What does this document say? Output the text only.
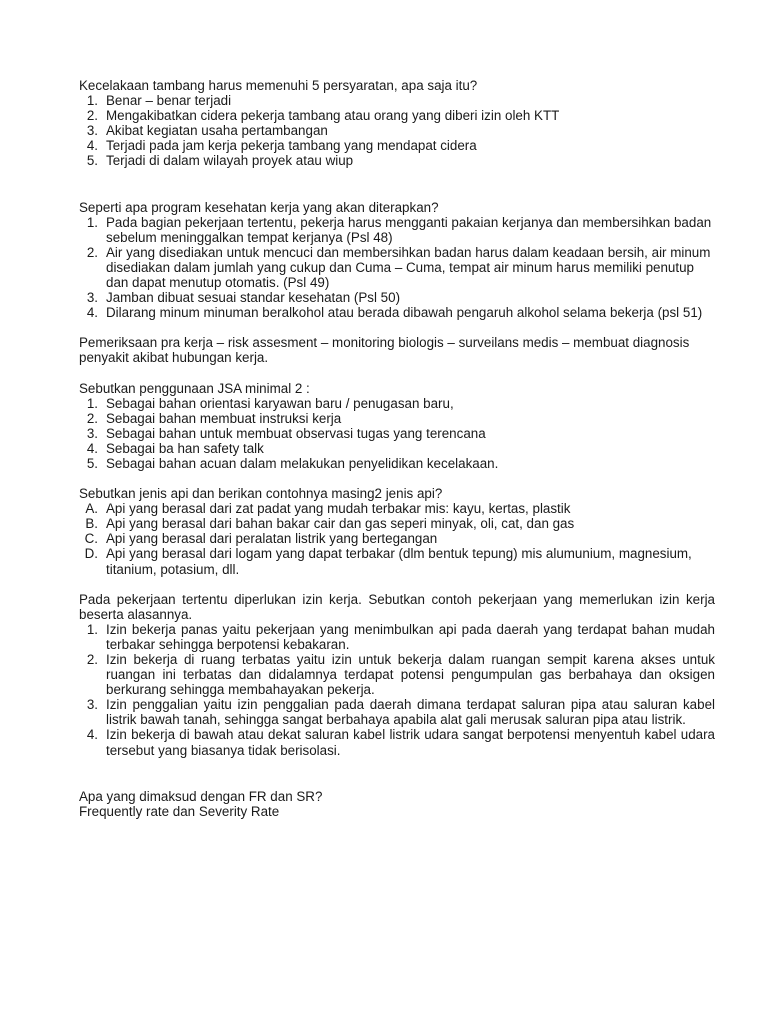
Kecelakaan tambang harus memenuhi 5 persyaratan, apa saja itu?

1. Benar – benar terjadi
2. Mengakibatkan cidera pekerja tambang atau orang yang diberi izin oleh KTT
3. Akibat kegiatan usaha pertambangan
4. Terjadi pada jam kerja pekerja tambang yang mendapat cidera
5. Terjadi di dalam wilayah proyek atau wiup

Seperti apa program kesehatan kerja yang akan diterapkan?

1. Pada bagian pekerjaan tertentu, pekerja harus mengganti pakaian kerjanya dan membersihkan badan sebelum meninggalkan tempat kerjanya (Psl 48)
2. Air yang disediakan untuk mencuci dan membersihkan badan harus dalam keadaan bersih, air minum disediakan dalam jumlah yang cukup dan Cuma – Cuma, tempat air minum harus memiliki penutup dan dapat menutup otomatis. (Psl 49)
3. Jamban dibuat sesuai standar kesehatan (Psl 50)
4. Dilarang minum minuman beralkohol atau berada dibawah pengaruh alkohol selama bekerja (psl 51)

Pemeriksaan pra kerja – risk assesment – monitoring biologis – surveilans medis – membuat diagnosis penyakit akibat hubungan kerja.

Sebutkan penggunaan JSA minimal 2 :

1. Sebagai bahan orientasi karyawan baru / penugasan baru,
2. Sebagai bahan membuat instruksi kerja
3. Sebagai bahan untuk membuat observasi tugas yang terencana
4. Sebagai ba han safety talk
5. Sebagai bahan acuan dalam melakukan penyelidikan kecelakaan.

Sebutkan jenis api dan berikan contohnya masing2 jenis api?

A. Api yang berasal dari zat padat yang mudah terbakar mis: kayu, kertas, plastik
B. Api yang berasal dari bahan bakar cair dan gas seperi minyak, oli, cat, dan gas
C. Api yang berasal dari peralatan listrik yang bertegangan
D. Api yang berasal dari logam yang dapat terbakar (dlm bentuk tepung) mis alumunium, magnesium, titanium, potasium, dll.

Pada pekerjaan tertentu diperlukan izin kerja. Sebutkan contoh pekerjaan yang memerlukan izin kerja beserta alasannya.

1. Izin bekerja panas yaitu pekerjaan yang menimbulkan api pada daerah yang terdapat bahan mudah terbakar sehingga berpotensi kebakaran.
2. Izin bekerja di ruang terbatas yaitu izin untuk bekerja dalam ruangan sempit karena akses untuk ruangan ini terbatas dan didalamnya terdapat potensi pengumpulan gas berbahaya dan oksigen berkurang sehingga membahayakan pekerja.
3. Izin penggalian yaitu izin penggalian pada daerah dimana terdapat saluran pipa atau saluran kabel listrik bawah tanah, sehingga sangat berbahaya apabila alat gali merusak saluran pipa atau listrik.
4. Izin bekerja di bawah atau dekat saluran kabel listrik udara sangat berpotensi menyentuh kabel udara tersebut yang biasanya tidak berisolasi.

Apa yang dimaksud dengan FR dan SR?

Frequently rate dan Severity Rate
